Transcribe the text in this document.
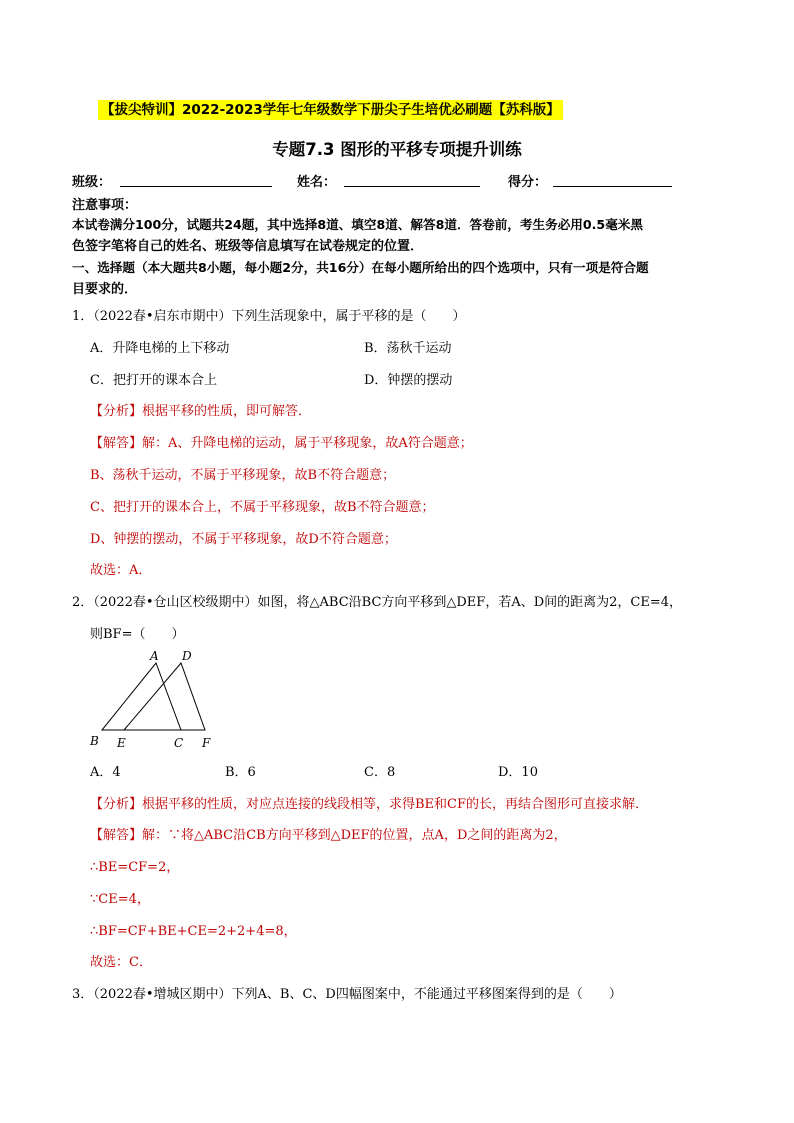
【拔尖特训】2022-2023学年七年级数学下册尖子生培优必刷题【苏科版】
专题7.3 图形的平移专项提升训练
班级：	姓名：	得分：
注意事项：
本试卷满分100分，试题共24题，其中选择8道、填空8道、解答8道．答卷前，考生务必用0.5毫米黑
色签字笔将自己的姓名、班级等信息填写在试卷规定的位置．
一、选择题（本大题共8小题，每小题2分，共16分）在每小题所给出的四个选项中，只有一项是符合题
目要求的．
1．（2022春•启东市期中）下列生活现象中，属于平移的是（　　）
A．升降电梯的上下移动	B．荡秋千运动
C．把打开的课本合上	D．钟摆的摆动
【分析】根据平移的性质，即可解答．
【解答】解：A、升降电梯的运动，属于平移现象，故A符合题意；
B、荡秋千运动，不属于平移现象，故B不符合题意；
C、把打开的课本合上，不属于平移现象，故B不符合题意；
D、钟摆的摆动，不属于平移现象，故D不符合题意；
故选：A．
2．（2022春•仓山区校级期中）如图，将△ABC沿BC方向平移到△DEF，若A、D间的距离为2，CE=4，
则BF=（　　）
A D
B E	C F
A．4	B．6	C．8	D．10
【分析】根据平移的性质，对应点连接的线段相等，求得BE和CF的长，再结合图形可直接求解．
【解答】解：∵将△ABC沿CB方向平移到△DEF的位置，点A，D之间的距离为2，
∴BE=CF=2，
∵CE=4，
∴BF=CF+BE+CE=2+2+4=8，
故选：C．
3．（2022春•增城区期中）下列A、B、C、D四幅图案中，不能通过平移图案得到的是（　　）
